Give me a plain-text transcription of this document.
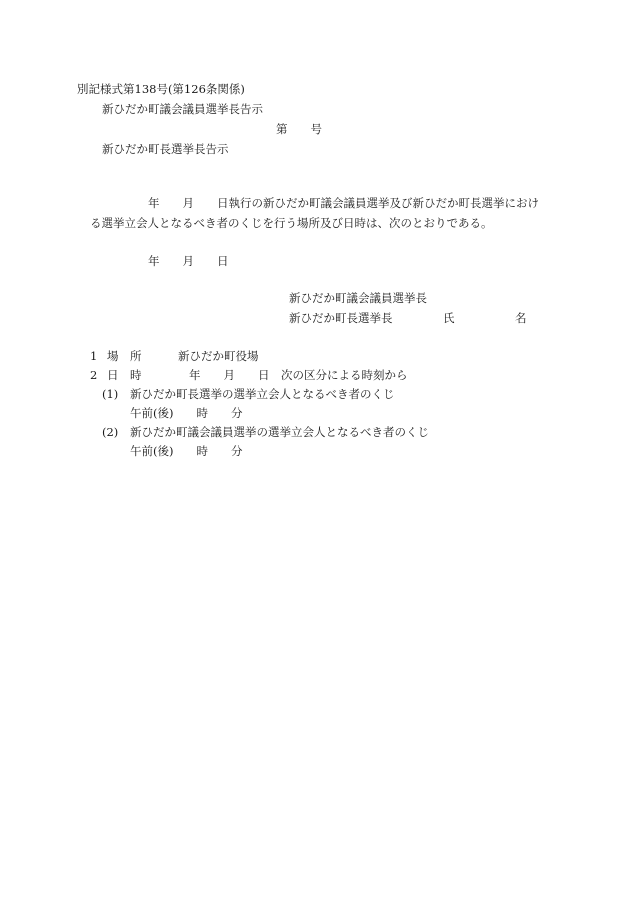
別記様式第138号(第126条関係)
新ひだか町議会議員選挙長告示
第　　号
新ひだか町長選挙長告示
年　　月　　日執行の新ひだか町議会議員選挙及び新ひだか町長選挙におけ
る選挙立会人となるべき者のくじを行う場所及び日時は、次のとおりである。
年　　月　　日
新ひだか町議会議員選挙長
新ひだか町長選挙長	氏	名
1 場　所	新ひだか町役場
2 日　時	年　　月　　日　次の区分による時刻から
(1) 新ひだか町長選挙の選挙立会人となるべき者のくじ
午前(後)　　時　　分
(2) 新ひだか町議会議員選挙の選挙立会人となるべき者のくじ
午前(後)　　時　　分
